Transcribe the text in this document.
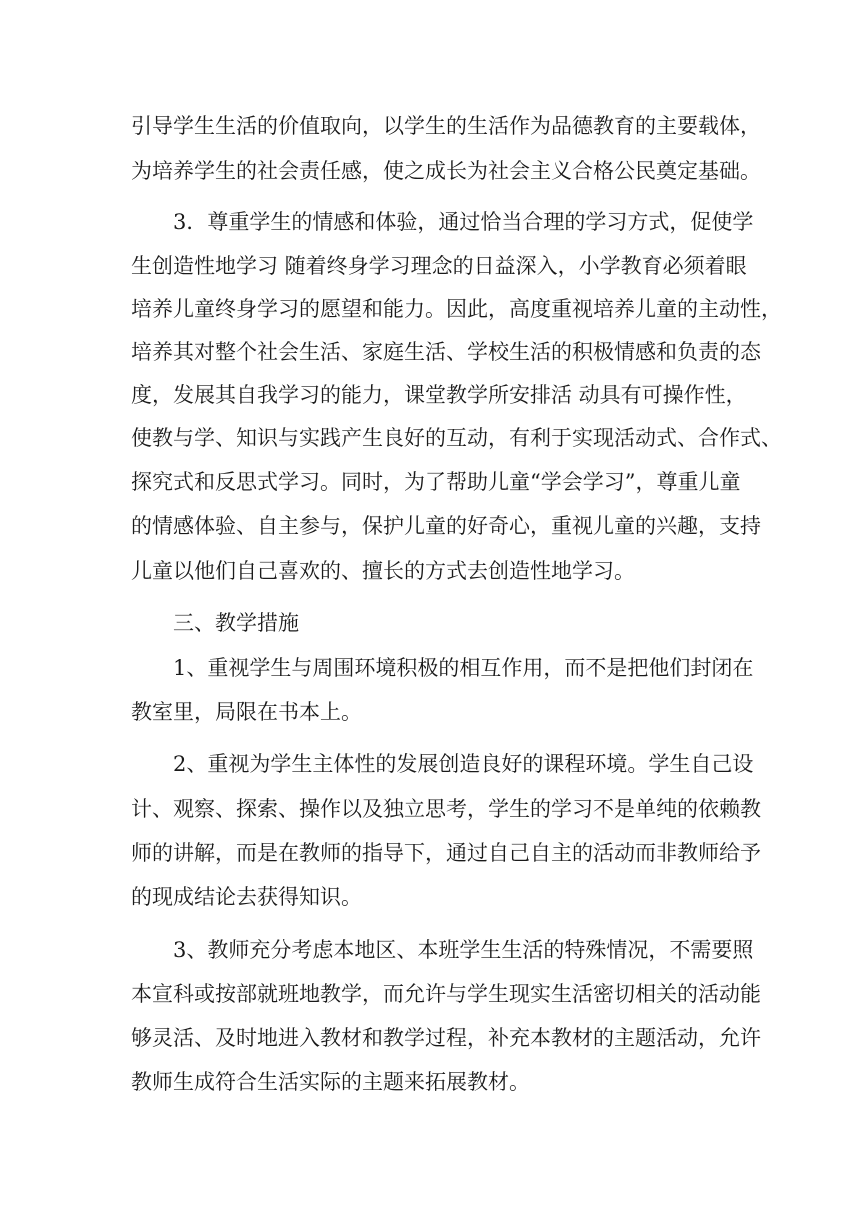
引导学生生活的价值取向，以学生的生活作为品德教育的主要载体，
为培养学生的社会责任感，使之成长为社会主义合格公民奠定基础。
3．尊重学生的情感和体验，通过恰当合理的学习方式，促使学
生创造性地学习 随着终身学习理念的日益深入，小学教育必须着眼
培养儿童终身学习的愿望和能力。因此，高度重视培养儿童的主动性，
培养其对整个社会生活、家庭生活、学校生活的积极情感和负责的态
度，发展其自我学习的能力，课堂教学所安排活 动具有可操作性，
使教与学、知识与实践产生良好的互动，有利于实现活动式、合作式、
探究式和反思式学习。同时，为了帮助儿童“学会学习”，尊重儿童
的情感体验、自主参与，保护儿童的好奇心，重视儿童的兴趣，支持
儿童以他们自己喜欢的、擅长的方式去创造性地学习。
三、教学措施
1、重视学生与周围环境积极的相互作用，而不是把他们封闭在
教室里，局限在书本上。
2、重视为学生主体性的发展创造良好的课程环境。学生自己设
计、观察、探索、操作以及独立思考，学生的学习不是单纯的依赖教
师的讲解，而是在教师的指导下，通过自己自主的活动而非教师给予
的现成结论去获得知识。
3、教师充分考虑本地区、本班学生生活的特殊情况，不需要照
本宣科或按部就班地教学，而允许与学生现实生活密切相关的活动能
够灵活、及时地进入教材和教学过程，补充本教材的主题活动，允许
教师生成符合生活实际的主题来拓展教材。
